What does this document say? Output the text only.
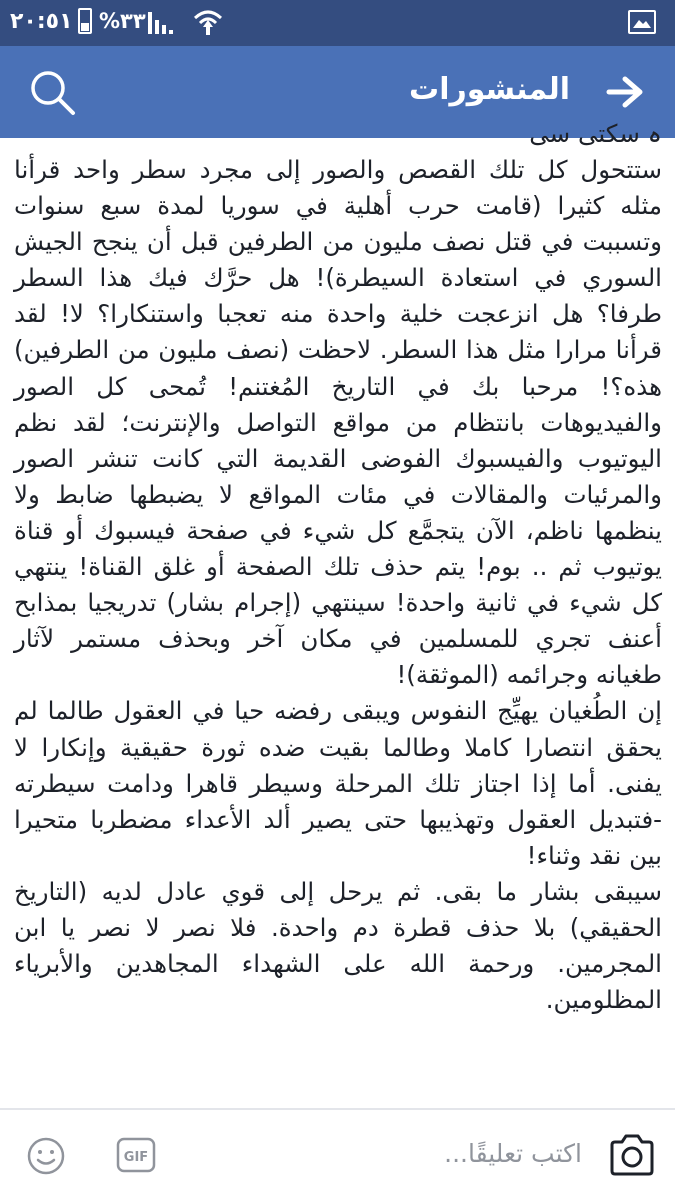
٢٠:٥١ %٣٣
المنشورات
ہ سکتی سی

ستتحول كل تلك القصص والصور إلى مجرد سطر واحد قرأنا مثله كثيرا (قامت حرب أهلية في سوريا لمدة سبع سنوات وتسببت في قتل نصف مليون من الطرفين قبل أن ينجح الجيش السوري في استعادة السيطرة)! هل حرَّك فيك هذا السطر طرفا؟ هل انزعجت خلية واحدة منه تعجبا واستنكارا؟ لا! لقد قرأنا مرارا مثل هذا السطر. لاحظت (نصف مليون من الطرفين) هذه؟! مرحبا بك في التاريخ المُغتنم! تُمحى كل الصور والفيديوهات بانتظام من مواقع التواصل والإنترنت؛ لقد نظم اليوتيوب والفيسبوك الفوضى القديمة التي كانت تنشر الصور والمرئيات والمقالات في مئات المواقع لا يضبطها ضابط ولا ينظمها ناظم، الآن يتجمَّع كل شيء في صفحة فيسبوك أو قناة يوتيوب ثم .. بوم! يتم حذف تلك الصفحة أو غلق القناة! ينتهي كل شيء في ثانية واحدة! سينتهي (إجرام بشار) تدريجيا بمذابح أعنف تجري للمسلمين في مكان آخر وبحذف مستمر لآثار طغيانه وجرائمه (الموثقة)!

إن الطُغيان يهيِّج النفوس ويبقى رفضه حيا في العقول طالما لم يحقق انتصارا كاملا وطالما بقيت ضده ثورة حقيقية وإنكارا لا يفنى. أما إذا اجتاز تلك المرحلة وسيطر قاهرا ودامت سيطرته -فتبديل العقول وتهذيبها حتى يصير ألد الأعداء مضطربا متحيرا بين نقد وثناء!

سيبقى بشار ما بقى. ثم يرحل إلى قوي عادل لديه (التاريخ الحقيقي) بلا حذف قطرة دم واحدة. فلا نصر لا نصر يا ابن المجرمين. ورحمة الله على الشهداء المجاهدين والأبرياء المظلومين.

GIF	اكتب تعليقًا...
